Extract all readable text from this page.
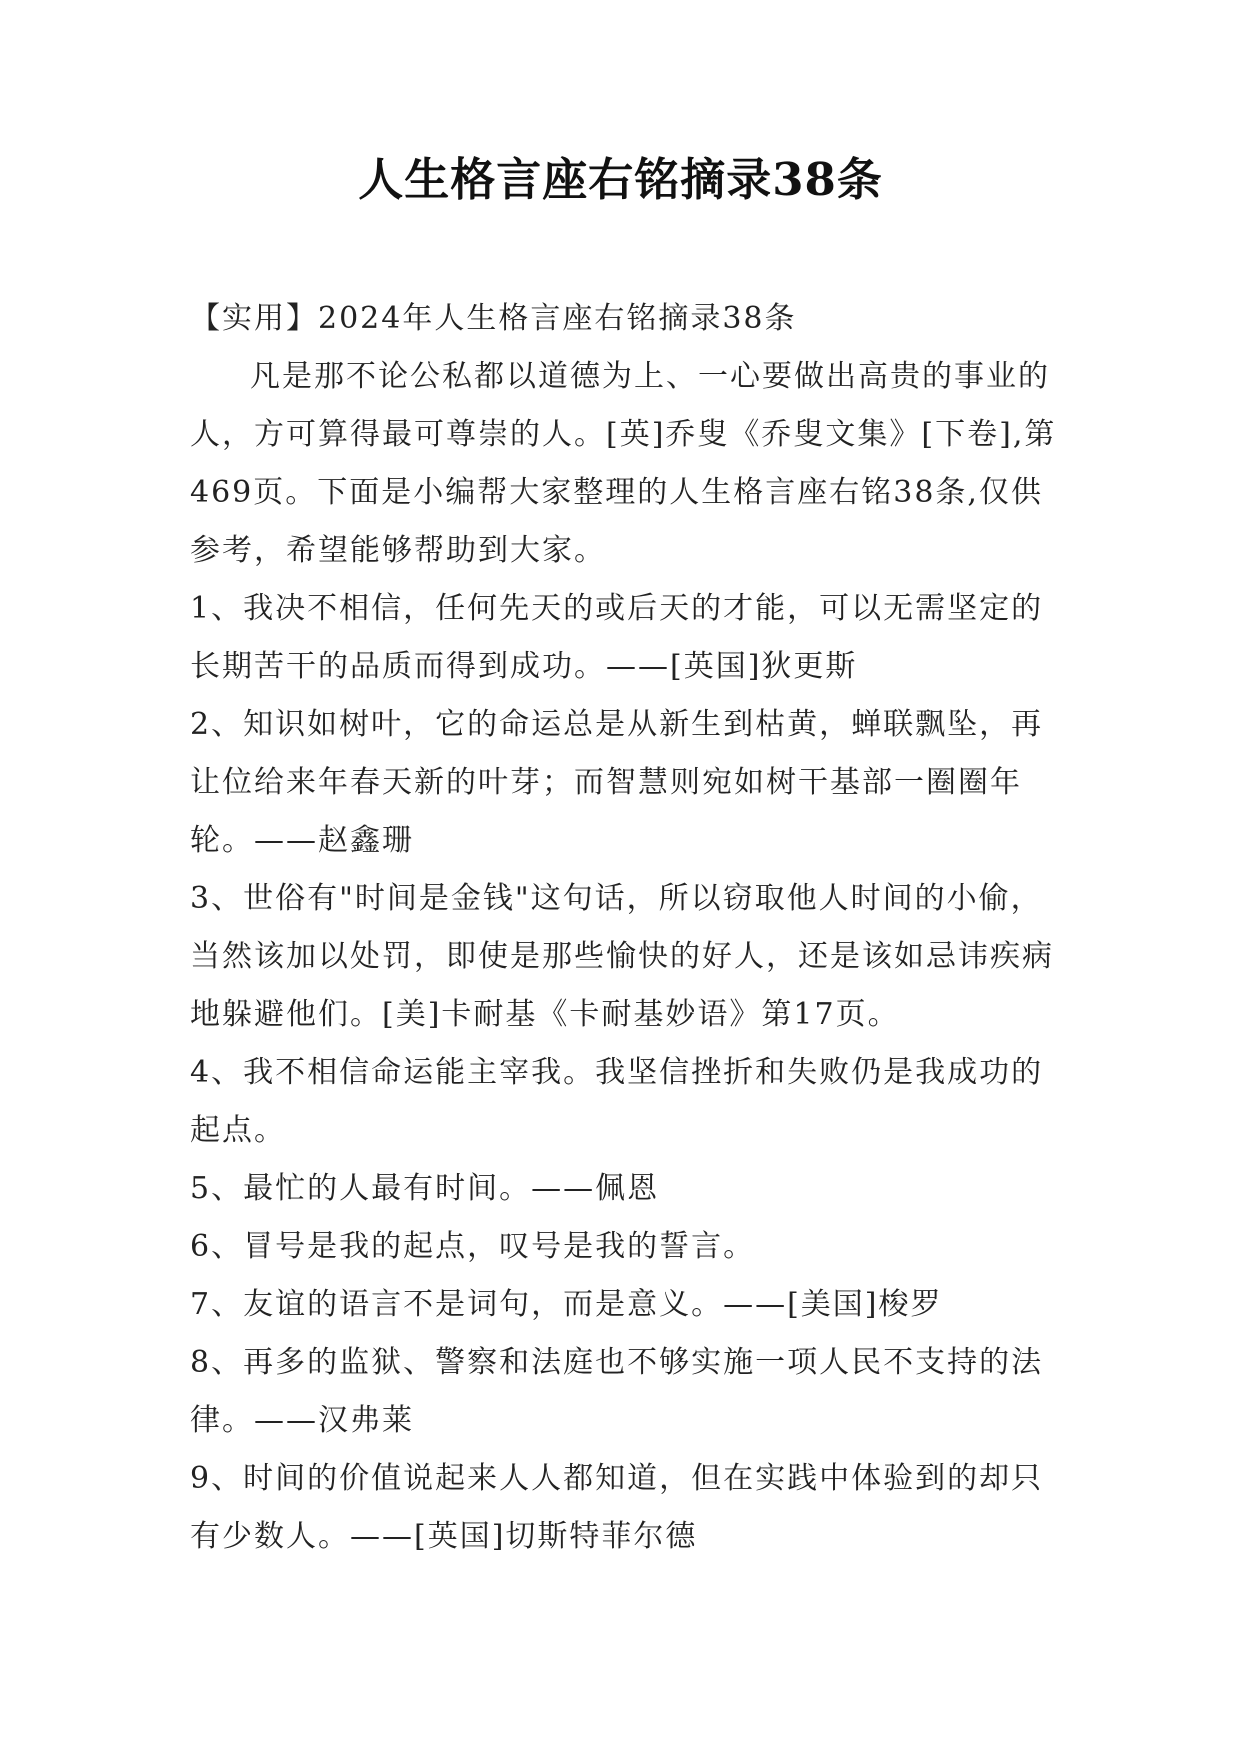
人生格言座右铭摘录38条

【实用】2024年人生格言座右铭摘录38条

凡是那不论公私都以道德为上、一心要做出高贵的事业的人，方可算得最可尊崇的人。[英]乔叟《乔叟文集》[下卷],第469页。下面是小编帮大家整理的人生格言座右铭38条,仅供参考，希望能够帮助到大家。

1、我决不相信，任何先天的或后天的才能，可以无需坚定的长期苦干的品质而得到成功。——[英国]狄更斯

2、知识如树叶，它的命运总是从新生到枯黄，蝉联飘坠，再让位给来年春天新的叶芽；而智慧则宛如树干基部一圈圈年轮。——赵鑫珊

3、世俗有"时间是金钱"这句话，所以窃取他人时间的小偷，当然该加以处罚，即使是那些愉快的好人，还是该如忌讳疾病地躲避他们。[美]卡耐基《卡耐基妙语》第17页。

4、我不相信命运能主宰我。我坚信挫折和失败仍是我成功的起点。

5、最忙的人最有时间。——佩恩

6、冒号是我的起点，叹号是我的誓言。

7、友谊的语言不是词句，而是意义。——[美国]梭罗

8、再多的监狱、警察和法庭也不够实施一项人民不支持的法律。——汉弗莱

9、时间的价值说起来人人都知道，但在实践中体验到的却只有少数人。——[英国]切斯特菲尔德
